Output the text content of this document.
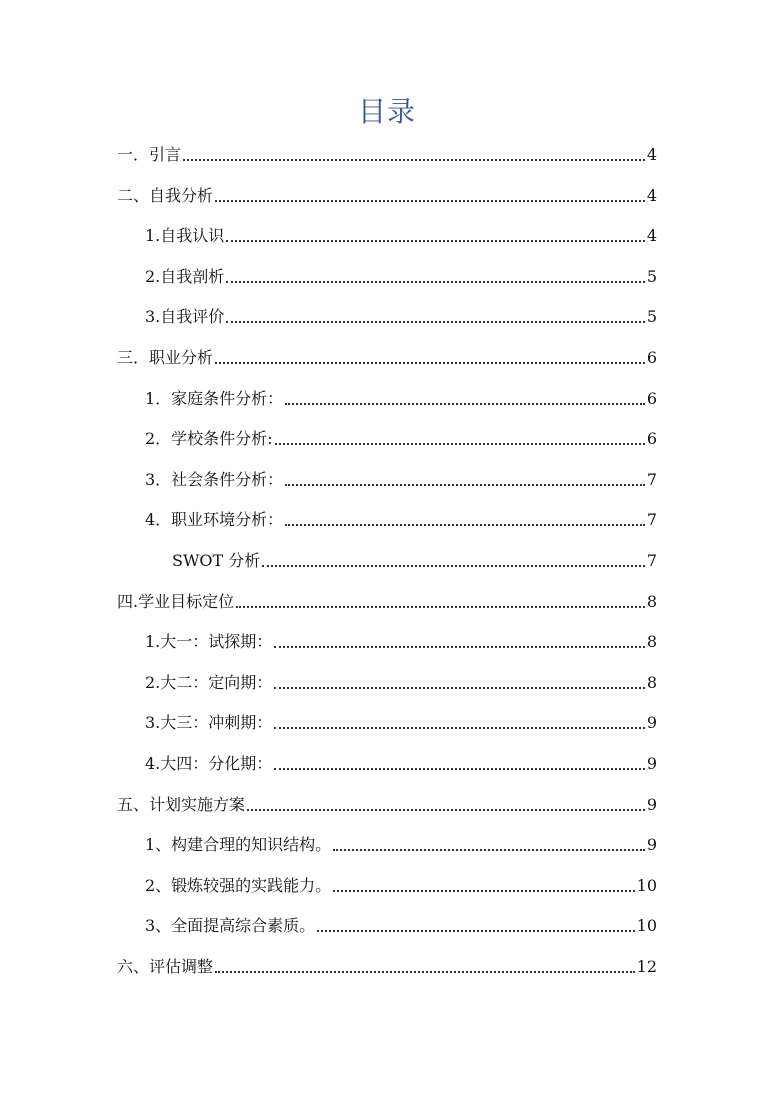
目录
一．引言	4
二、自我分析	4
1.自我认识	4
2.自我剖析	5
3.自我评价	5
三．职业分析	6
1．家庭条件分析：	6
2．学校条件分析:	6
3．社会条件分析：	7
4．职业环境分析：	7
SWOT 分析	7
四.学业目标定位	8
1.大一：试探期：	8
2.大二：定向期：	8
3.大三：冲刺期：	9
4.大四：分化期：	9
五、计划实施方案	9
1、构建合理的知识结构。	9
2、锻炼较强的实践能力。	10
3、全面提高综合素质。	10
六、评估调整	12
